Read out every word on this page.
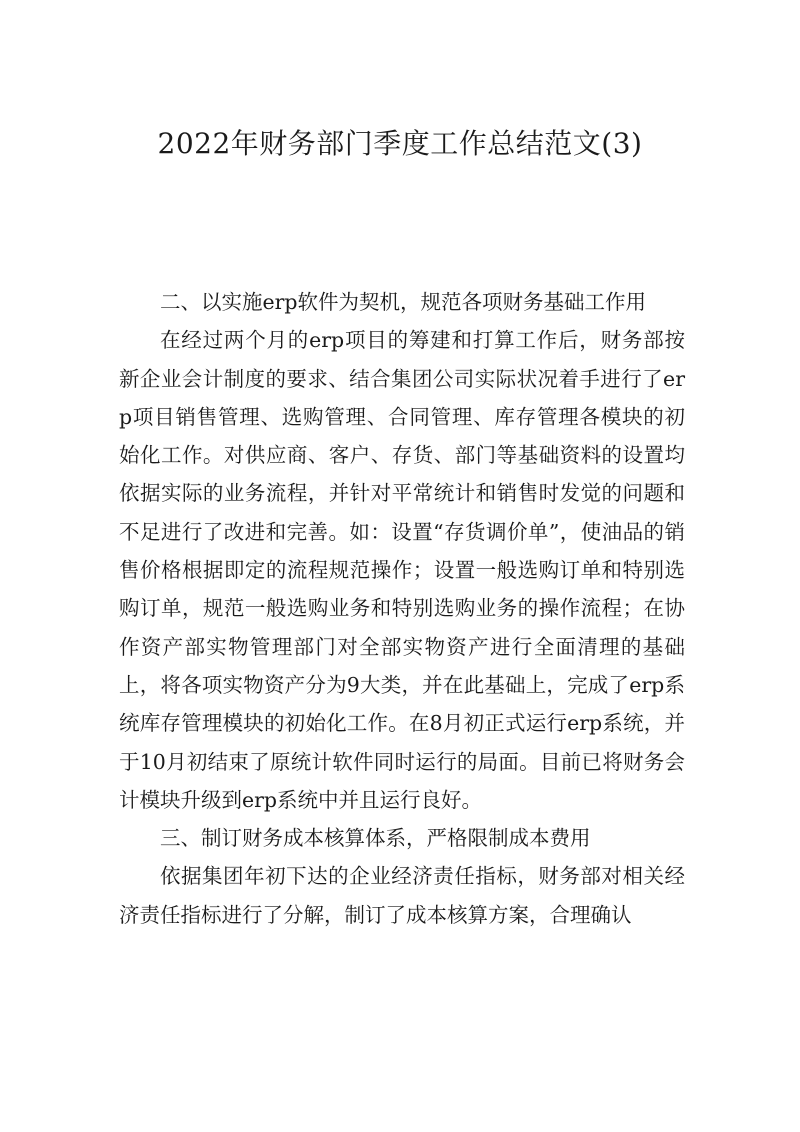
2022年财务部门季度工作总结范文(3)

二、以实施erp软件为契机，规范各项财务基础工作用

在经过两个月的erp项目的筹建和打算工作后，财务部按新企业会计制度的要求、结合集团公司实际状况着手进行了erp项目销售管理、选购管理、合同管理、库存管理各模块的初始化工作。对供应商、客户、存货、部门等基础资料的设置均依据实际的业务流程，并针对平常统计和销售时发觉的问题和不足进行了改进和完善。如：设置“存货调价单”，使油品的销售价格根据即定的流程规范操作；设置一般选购订单和特别选购订单，规范一般选购业务和特别选购业务的操作流程；在协作资产部实物管理部门对全部实物资产进行全面清理的基础上，将各项实物资产分为9大类，并在此基础上，完成了erp系统库存管理模块的初始化工作。在8月初正式运行erp系统，并于10月初结束了原统计软件同时运行的局面。目前已将财务会计模块升级到erp系统中并且运行良好。

三、制订财务成本核算体系，严格限制成本费用

依据集团年初下达的企业经济责任指标，财务部对相关经济责任指标进行了分解，制订了成本核算方案，合理确认
